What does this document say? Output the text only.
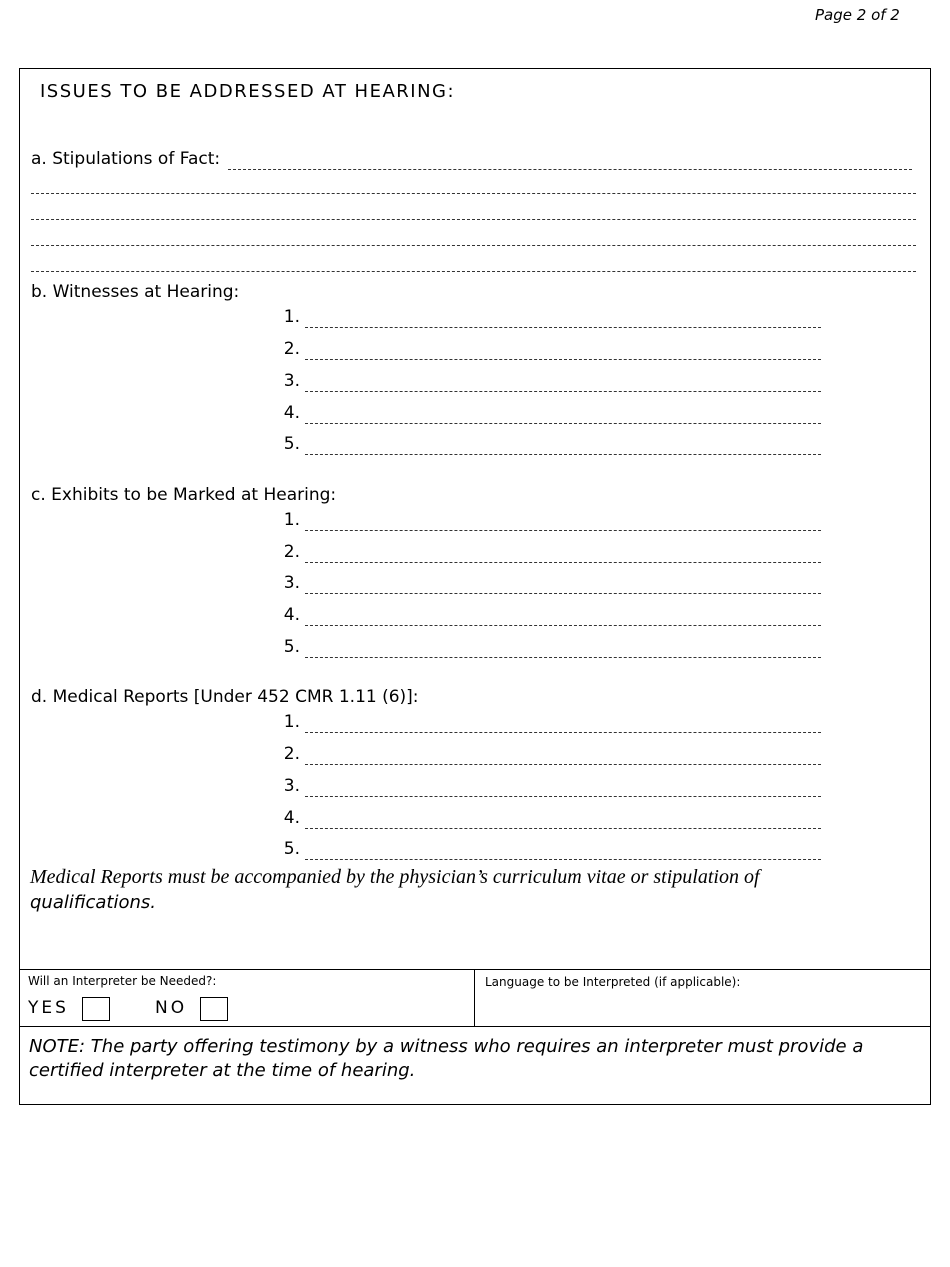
Page 2 of 2
ISSUES TO BE ADDRESSED AT HEARING:
a. Stipulations of Fact:
b. Witnesses at Hearing:
1.
2.
3.
4.
5.
c. Exhibits to be Marked at Hearing:
1.
2.
3.
4.
5.
d. Medical Reports [Under 452 CMR 1.11 (6)]:
1.
2.
3.
4.
5.
Medical Reports must be accompanied by the physician’s curriculum vitae or stipulation of
qualifications.
Will an Interpreter be Needed?:
YES	NO
Language to be Interpreted (if applicable):
NOTE: The party offering testimony by a witness who requires an interpreter must provide a certified interpreter at the time of hearing.
